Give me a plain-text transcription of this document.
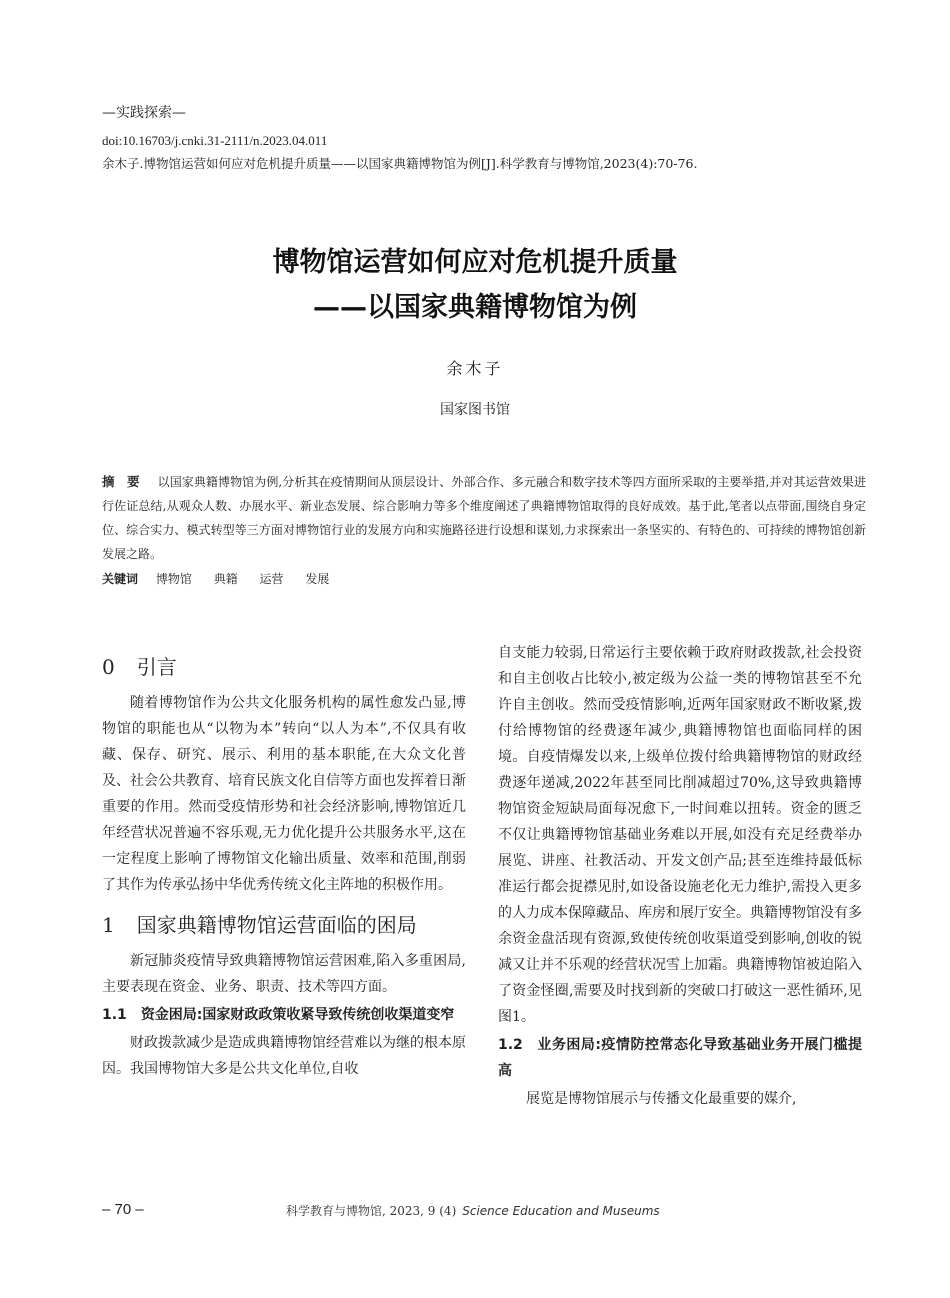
—实践探索—
doi:10.16703/j.cnki.31-2111/n.2023.04.011
余木子.博物馆运营如何应对危机提升质量——以国家典籍博物馆为例[J].科学教育与博物馆,2023(4):70-76.
博物馆运营如何应对危机提升质量
——以国家典籍博物馆为例
余木子
国家图书馆
摘 要 以国家典籍博物馆为例,分析其在疫情期间从顶层设计、外部合作、多元融合和数字技术等四方面所采取的主要举措,并对其运营效果进行佐证总结,从观众人数、办展水平、新业态发展、综合影响力等多个维度阐述了典籍博物馆取得的良好成效。基于此,笔者以点带面,围绕自身定位、综合实力、模式转型等三方面对博物馆行业的发展方向和实施路径进行设想和谋划,力求探索出一条坚实的、有特色的、可持续的博物馆创新发展之路。
关键词 博物馆 典籍 运营 发展
0 引言

随着博物馆作为公共文化服务机构的属性愈发凸显,博物馆的职能也从“以物为本”转向“以人为本”,不仅具有收藏、保存、研究、展示、利用的基本职能,在大众文化普及、社会公共教育、培育民族文化自信等方面也发挥着日渐重要的作用。然而受疫情形势和社会经济影响,博物馆近几年经营状况普遍不容乐观,无力优化提升公共服务水平,这在一定程度上影响了博物馆文化输出质量、效率和范围,削弱了其作为传承弘扬中华优秀传统文化主阵地的积极作用。

1 国家典籍博物馆运营面临的困局

新冠肺炎疫情导致典籍博物馆运营困难,陷入多重困局,主要表现在资金、业务、职责、技术等四方面。

1.1 资金困局:国家财政政策收紧导致传统创收渠道变窄

财政拨款减少是造成典籍博物馆经营难以为继的根本原因。我国博物馆大多是公共文化单位,自收

自支能力较弱,日常运行主要依赖于政府财政拨款,社会投资和自主创收占比较小,被定级为公益一类的博物馆甚至不允许自主创收。然而受疫情影响,近两年国家财政不断收紧,拨付给博物馆的经费逐年减少,典籍博物馆也面临同样的困境。自疫情爆发以来,上级单位拨付给典籍博物馆的财政经费逐年递减,2022年甚至同比削减超过70%,这导致典籍博物馆资金短缺局面每况愈下,一时间难以扭转。资金的匮乏不仅让典籍博物馆基础业务难以开展,如没有充足经费举办展览、讲座、社教活动、开发文创产品;甚至连维持最低标准运行都会捉襟见肘,如设备设施老化无力维护,需投入更多的人力成本保障藏品、库房和展厅安全。典籍博物馆没有多余资金盘活现有资源,致使传统创收渠道受到影响,创收的锐减又让并不乐观的经营状况雪上加霜。典籍博物馆被迫陷入了资金怪圈,需要及时找到新的突破口打破这一恶性循环,见图1。

1.2 业务困局:疫情防控常态化导致基础业务开展门槛提高

展览是博物馆展示与传播文化最重要的媒介,

– 70 –	科学教育与博物馆, 2023, 9 (4) Science Education and Museums
